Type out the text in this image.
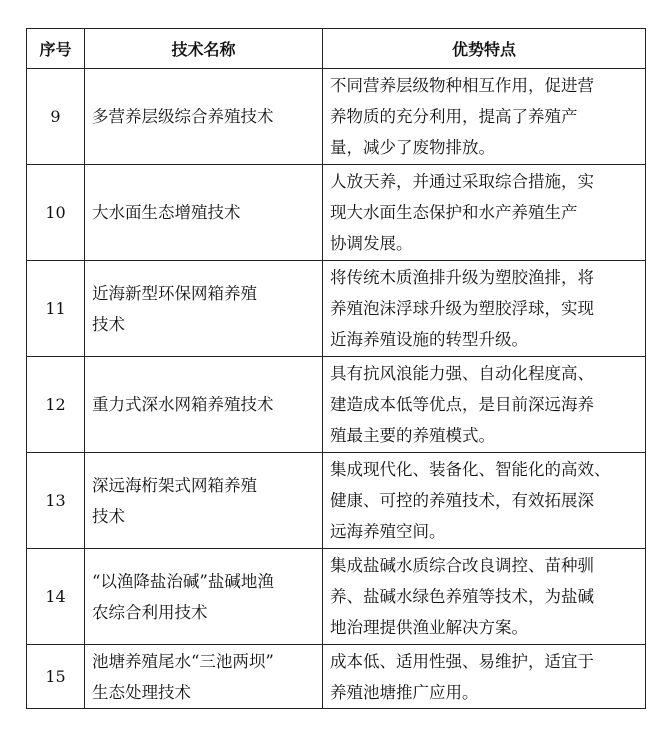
序号	技术名称	优势特点
9	多营养层级综合养殖技术	不同营养层级物种相互作用，促进营
养物质的充分利用，提高了养殖产
量，减少了废物排放。

10	大水面生态增殖技术	人放天养，并通过采取综合措施，实
现大水面生态保护和水产养殖生产
协调发展。

11	近海新型环保网箱养殖
技术	将传统木质渔排升级为塑胶渔排，将
养殖泡沫浮球升级为塑胶浮球，实现
近海养殖设施的转型升级。

12	重力式深水网箱养殖技术	具有抗风浪能力强、自动化程度高、
建造成本低等优点，是目前深远海养
殖最主要的养殖模式。

13	深远海桁架式网箱养殖
技术	集成现代化、装备化、智能化的高效、
健康、可控的养殖技术，有效拓展深
远海养殖空间。

14	“以渔降盐治碱”盐碱地渔
农综合利用技术	集成盐碱水质综合改良调控、苗种驯
养、盐碱水绿色养殖等技术，为盐碱
地治理提供渔业解决方案。

15	池塘养殖尾水“三池两坝”
生态处理技术	成本低、适用性强、易维护，适宜于
养殖池塘推广应用。
